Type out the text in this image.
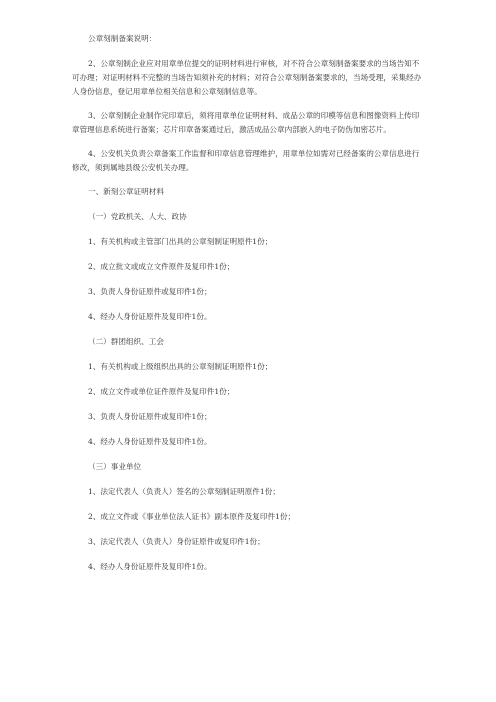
公章刻制备案说明：

2、公章刻制企业应对用章单位提交的证明材料进行审核，对不符合公章刻制备案要求的当场告知不可办理；对证明材料不完整的当场告知须补充的材料；对符合公章刻制备案要求的，当场受理，采集经办人身份信息，登记用章单位相关信息和公章刻制信息等。

3、公章刻制企业制作完印章后，须将用章单位证明材料、成品公章的印模等信息和图像资料上传印章管理信息系统进行备案；芯片印章备案通过后，激活成品公章内部嵌入的电子防伪加密芯片。

4、公安机关负责公章备案工作监督和印章信息管理维护，用章单位如需对已经备案的公章信息进行修改，须到属地县级公安机关办理。

一、新刻公章证明材料

（一）党政机关、人大、政协

1、有关机构或主管部门出具的公章刻制证明原件1份；

2、成立批文或成立文件原件及复印件1份；

3、负责人身份证原件或复印件1份；

4、经办人身份证原件及复印件1份。

（二）群团组织、工会

1、有关机构或上级组织出具的公章刻制证明原件1份；

2、成立文件或单位证件原件及复印件1份；

3、负责人身份证原件或复印件1份；

4、经办人身份证原件及复印件1份。

（三）事业单位

1、法定代表人（负责人）签名的公章刻制证明原件1份；

2、成立文件或《事业单位法人证书》副本原件及复印件1份；

3、法定代表人（负责人）身份证原件或复印件1份；

4、经办人身份证原件及复印件1份。
